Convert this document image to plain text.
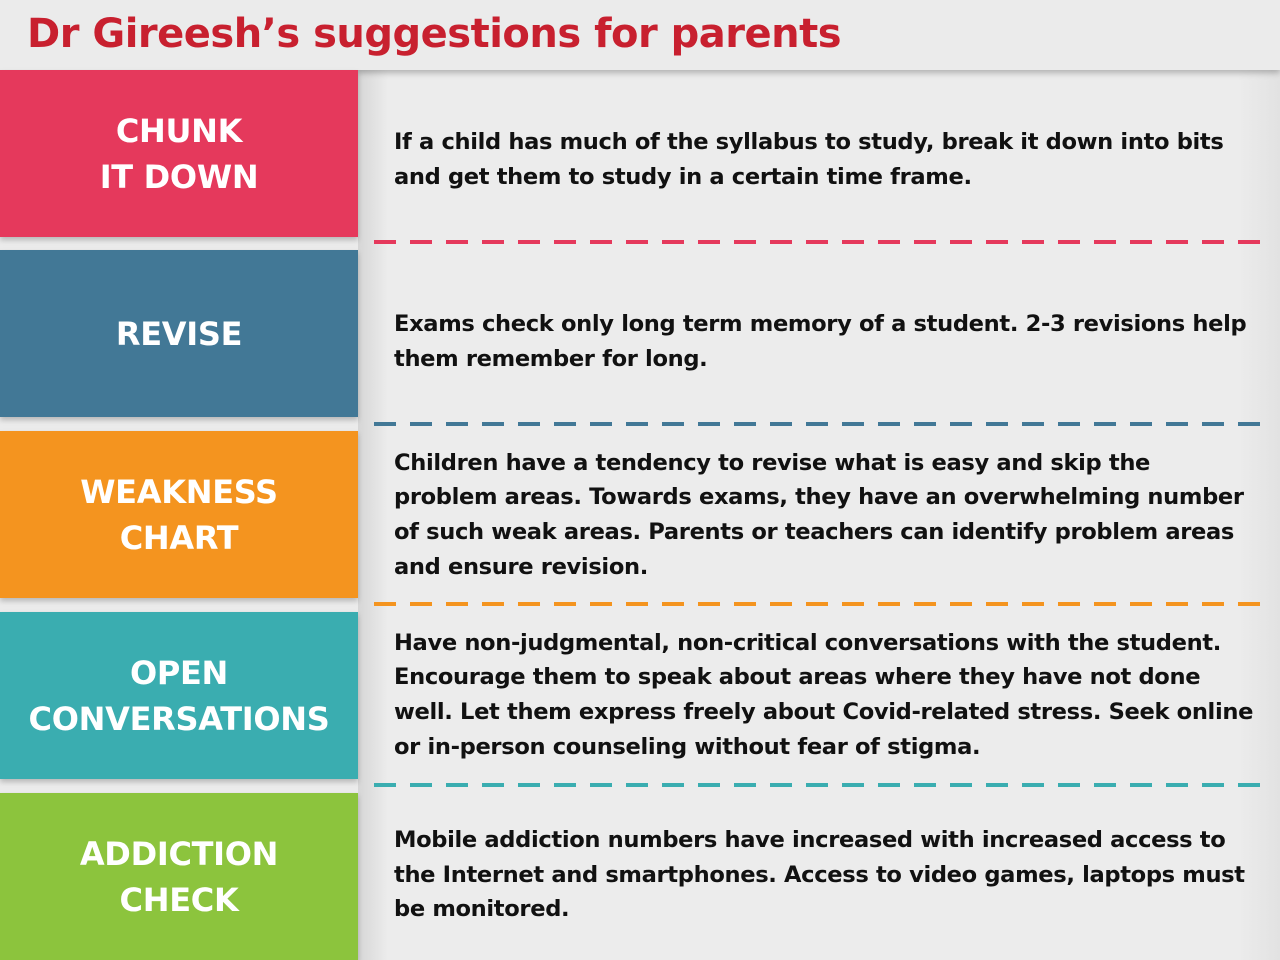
Dr Gireesh’s suggestions for parents
CHUNK
IT DOWN
If a child has much of the syllabus to study, break it down into bits and get them to study in a certain time frame.
REVISE	Exams check only long term memory of a student. 2-3 revisions help them remember for long.
WEAKNESS
CHART
Children have a tendency to revise what is easy and skip the problem areas. Towards exams, they have an overwhelming number of such weak areas. Parents or teachers can identify problem areas and ensure revision.
OPEN
CONVERSATIONS
Have non-judgmental, non-critical conversations with the student. Encourage them to speak about areas where they have not done well. Let them express freely about Covid-related stress. Seek online or in-person counseling without fear of stigma.
ADDICTION
CHECK
Mobile addiction numbers have increased with increased access to the Internet and smartphones. Access to video games, laptops must be monitored.
